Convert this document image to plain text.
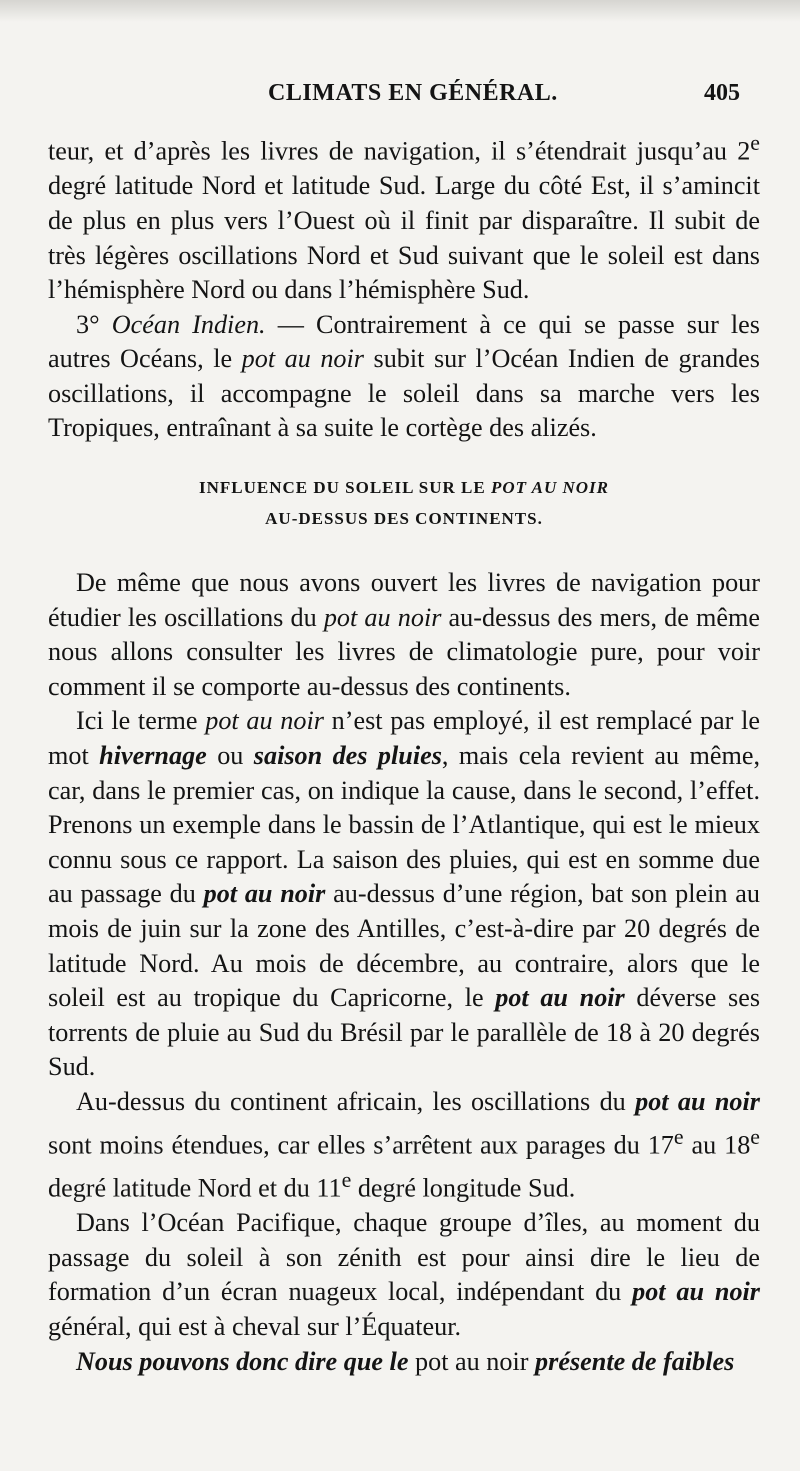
CLIMATS EN GÉNÉRAL.	405

teur, et d’après les livres de navigation, il s’étendrait jusqu’au 2e degré latitude Nord et latitude Sud. Large du côté Est, il s’amincit de plus en plus vers l’Ouest où il finit par disparaître. Il subit de très légères oscillations Nord et Sud suivant que le soleil est dans l’hémisphère Nord ou dans l’hémisphère Sud.

3° Océan Indien. — Contrairement à ce qui se passe sur les autres Océans, le pot au noir subit sur l’Océan Indien de grandes oscillations, il accompagne le soleil dans sa marche vers les Tropiques, entraînant à sa suite le cortège des alizés.

INFLUENCE DU SOLEIL SUR LE POT AU NOIR
AU-DESSUS DES CONTINENTS.

De même que nous avons ouvert les livres de navigation pour étudier les oscillations du pot au noir au-dessus des mers, de même nous allons consulter les livres de climatologie pure, pour voir comment il se comporte au-dessus des continents.

Ici le terme pot au noir n’est pas employé, il est remplacé par le mot hivernage ou saison des pluies, mais cela revient au même, car, dans le premier cas, on indique la cause, dans le second, l’effet. Prenons un exemple dans le bassin de l’Atlantique, qui est le mieux connu sous ce rapport. La saison des pluies, qui est en somme due au passage du pot au noir au-dessus d’une région, bat son plein au mois de juin sur la zone des Antilles, c’est-à-dire par 20 degrés de latitude Nord. Au mois de décembre, au contraire, alors que le soleil est au tropique du Capricorne, le pot au noir déverse ses torrents de pluie au Sud du Brésil par le parallèle de 18 à 20 degrés Sud.

Au-dessus du continent africain, les oscillations du pot au noir sont moins étendues, car elles s’arrêtent aux parages du 17e au 18e degré latitude Nord et du 11e degré longitude Sud.

Dans l’Océan Pacifique, chaque groupe d’îles, au moment du passage du soleil à son zénith est pour ainsi dire le lieu de formation d’un écran nuageux local, indépendant du pot au noir général, qui est à cheval sur l’Équateur.

Nous pouvons donc dire que le pot au noir présente de faibles
